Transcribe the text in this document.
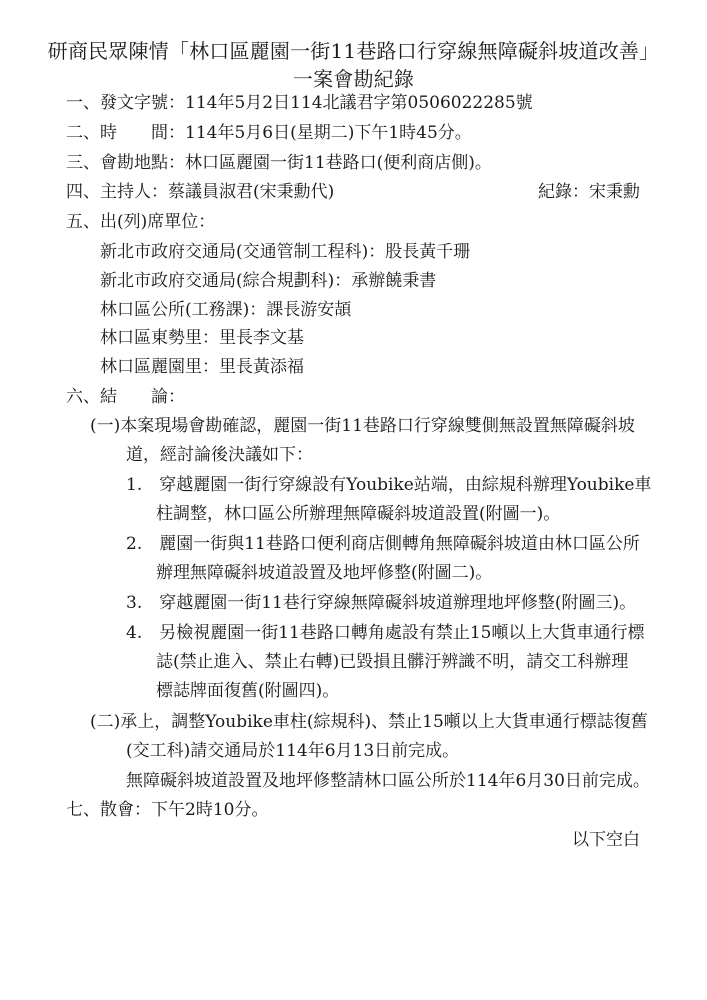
研商民眾陳情「林口區麗園一街11巷路口行穿線無障礙斜坡道改善」
一案會勘紀錄
一、發文字號：114年5月2日114北議君字第0506022285號
二、時　　間：114年5月6日(星期二)下午1時45分。
三、會勘地點：林口區麗園一街11巷路口(便利商店側)。
四、主持人：蔡議員淑君(宋秉勳代)	紀錄：宋秉勳
五、出(列)席單位：
新北市政府交通局(交通管制工程科)：股長黃千珊
新北市政府交通局(綜合規劃科)：承辦饒秉書
林口區公所(工務課)：課長游安頡
林口區東勢里：里長李文基
林口區麗園里：里長黃添福
六、結　　論：
(一)本案現場會勘確認，麗園一街11巷路口行穿線雙側無設置無障礙斜坡
道，經討論後決議如下：
1.　穿越麗園一街行穿線設有Youbike站端，由綜規科辦理Youbike車
柱調整，林口區公所辦理無障礙斜坡道設置(附圖一)。
2.　麗園一街與11巷路口便利商店側轉角無障礙斜坡道由林口區公所
辦理無障礙斜坡道設置及地坪修整(附圖二)。
3.　穿越麗園一街11巷行穿線無障礙斜坡道辦理地坪修整(附圖三)。
4.　另檢視麗園一街11巷路口轉角處設有禁止15噸以上大貨車通行標
誌(禁止進入、禁止右轉)已毀損且髒汙辨識不明，請交工科辦理
標誌牌面復舊(附圖四)。
(二)承上，調整Youbike車柱(綜規科)、禁止15噸以上大貨車通行標誌復舊
(交工科)請交通局於114年6月13日前完成。
無障礙斜坡道設置及地坪修整請林口區公所於114年6月30日前完成。
七、散會：下午2時10分。
以下空白
